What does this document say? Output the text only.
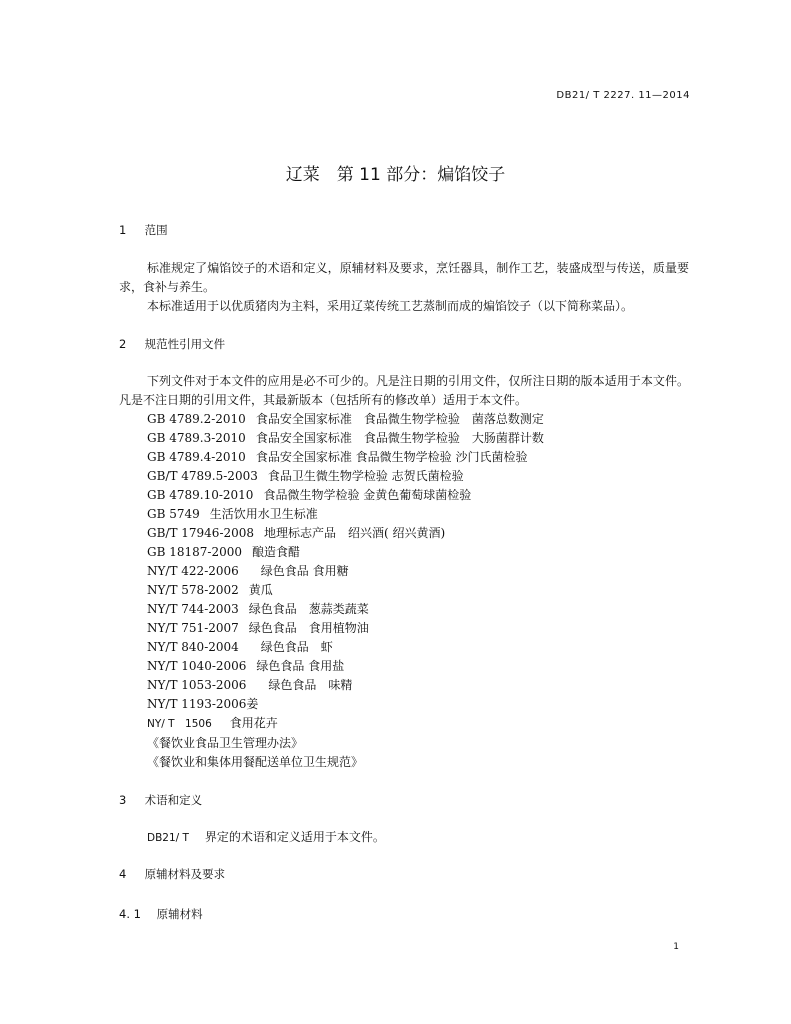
DB21/ T 2227. 11—2014
辽菜　第 11 部分：煸馅饺子
1 范围

标准规定了煸馅饺子的术语和定义，原辅材料及要求，烹饪器具，制作工艺，装盛成型与传送，质量要求，食补与养生。

本标准适用于以优质猪肉为主料，采用辽菜传统工艺蒸制而成的煸馅饺子（以下简称菜品）。

2 规范性引用文件

下列文件对于本文件的应用是必不可少的。凡是注日期的引用文件，仅所注日期的版本适用于本文件。凡是不注日期的引用文件，其最新版本（包括所有的修改单）适用于本文件。

GB 4789.2-2010 食品安全国家标准　食品微生物学检验　菌落总数测定
GB 4789.3-2010 食品安全国家标准　食品微生物学检验　大肠菌群计数
GB 4789.4-2010 食品安全国家标准 食品微生物学检验 沙门氏菌检验
GB/T 4789.5-2003 食品卫生微生物学检验 志贺氏菌检验
GB 4789.10-2010 食品微生物学检验 金黄色葡萄球菌检验
GB 5749 生活饮用水卫生标准
GB/T 17946-2008 地理标志产品　绍兴酒( 绍兴黄酒)
GB 18187-2000 酿造食醋
NY/T 422-2006　绿色食品 食用糖
NY/T 578-2002 黄瓜
NY/T 744-2003 绿色食品　葱蒜类蔬菜
NY/T 751-2007 绿色食品　食用植物油
NY/T 840-2004　绿色食品　虾
NY/T 1040-2006 绿色食品 食用盐
NY/T 1053-2006　绿色食品　味精
NY/T 1193-2006姜
NY/ T　1506 食用花卉
《餐饮业食品卫生管理办法》
《餐饮业和集体用餐配送单位卫生规范》
3 术语和定义
DB21/ T 界定的术语和定义适用于本文件。
4 原辅材料及要求
4. 1 原辅材料
1
